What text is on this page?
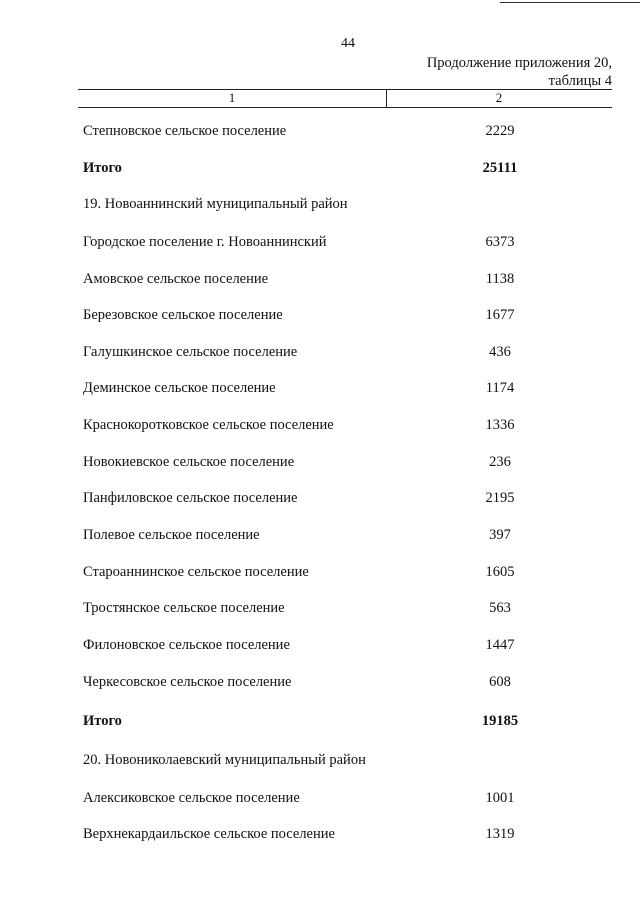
44
Продолжение приложения 20,
таблицы 4
1	2
Степновское сельское поселение	2229
Итого	25111
19. Новоаннинский муниципальный район
Городское поселение г. Новоаннинский	6373
Амовское сельское поселение	1138
Березовское сельское поселение	1677
Галушкинское сельское поселение	436
Деминское сельское поселение	1174
Краснокоротковское сельское поселение	1336
Новокиевское сельское поселение	236
Панфиловское сельское поселение	2195
Полевое сельское поселение	397
Староаннинское сельское поселение	1605
Тростянское сельское поселение	563
Филоновское сельское поселение	1447
Черкесовское сельское поселение	608
Итого	19185
20. Новониколаевский муниципальный район
Алексиковское сельское поселение	1001
Верхнекардаильское сельское поселение	1319
